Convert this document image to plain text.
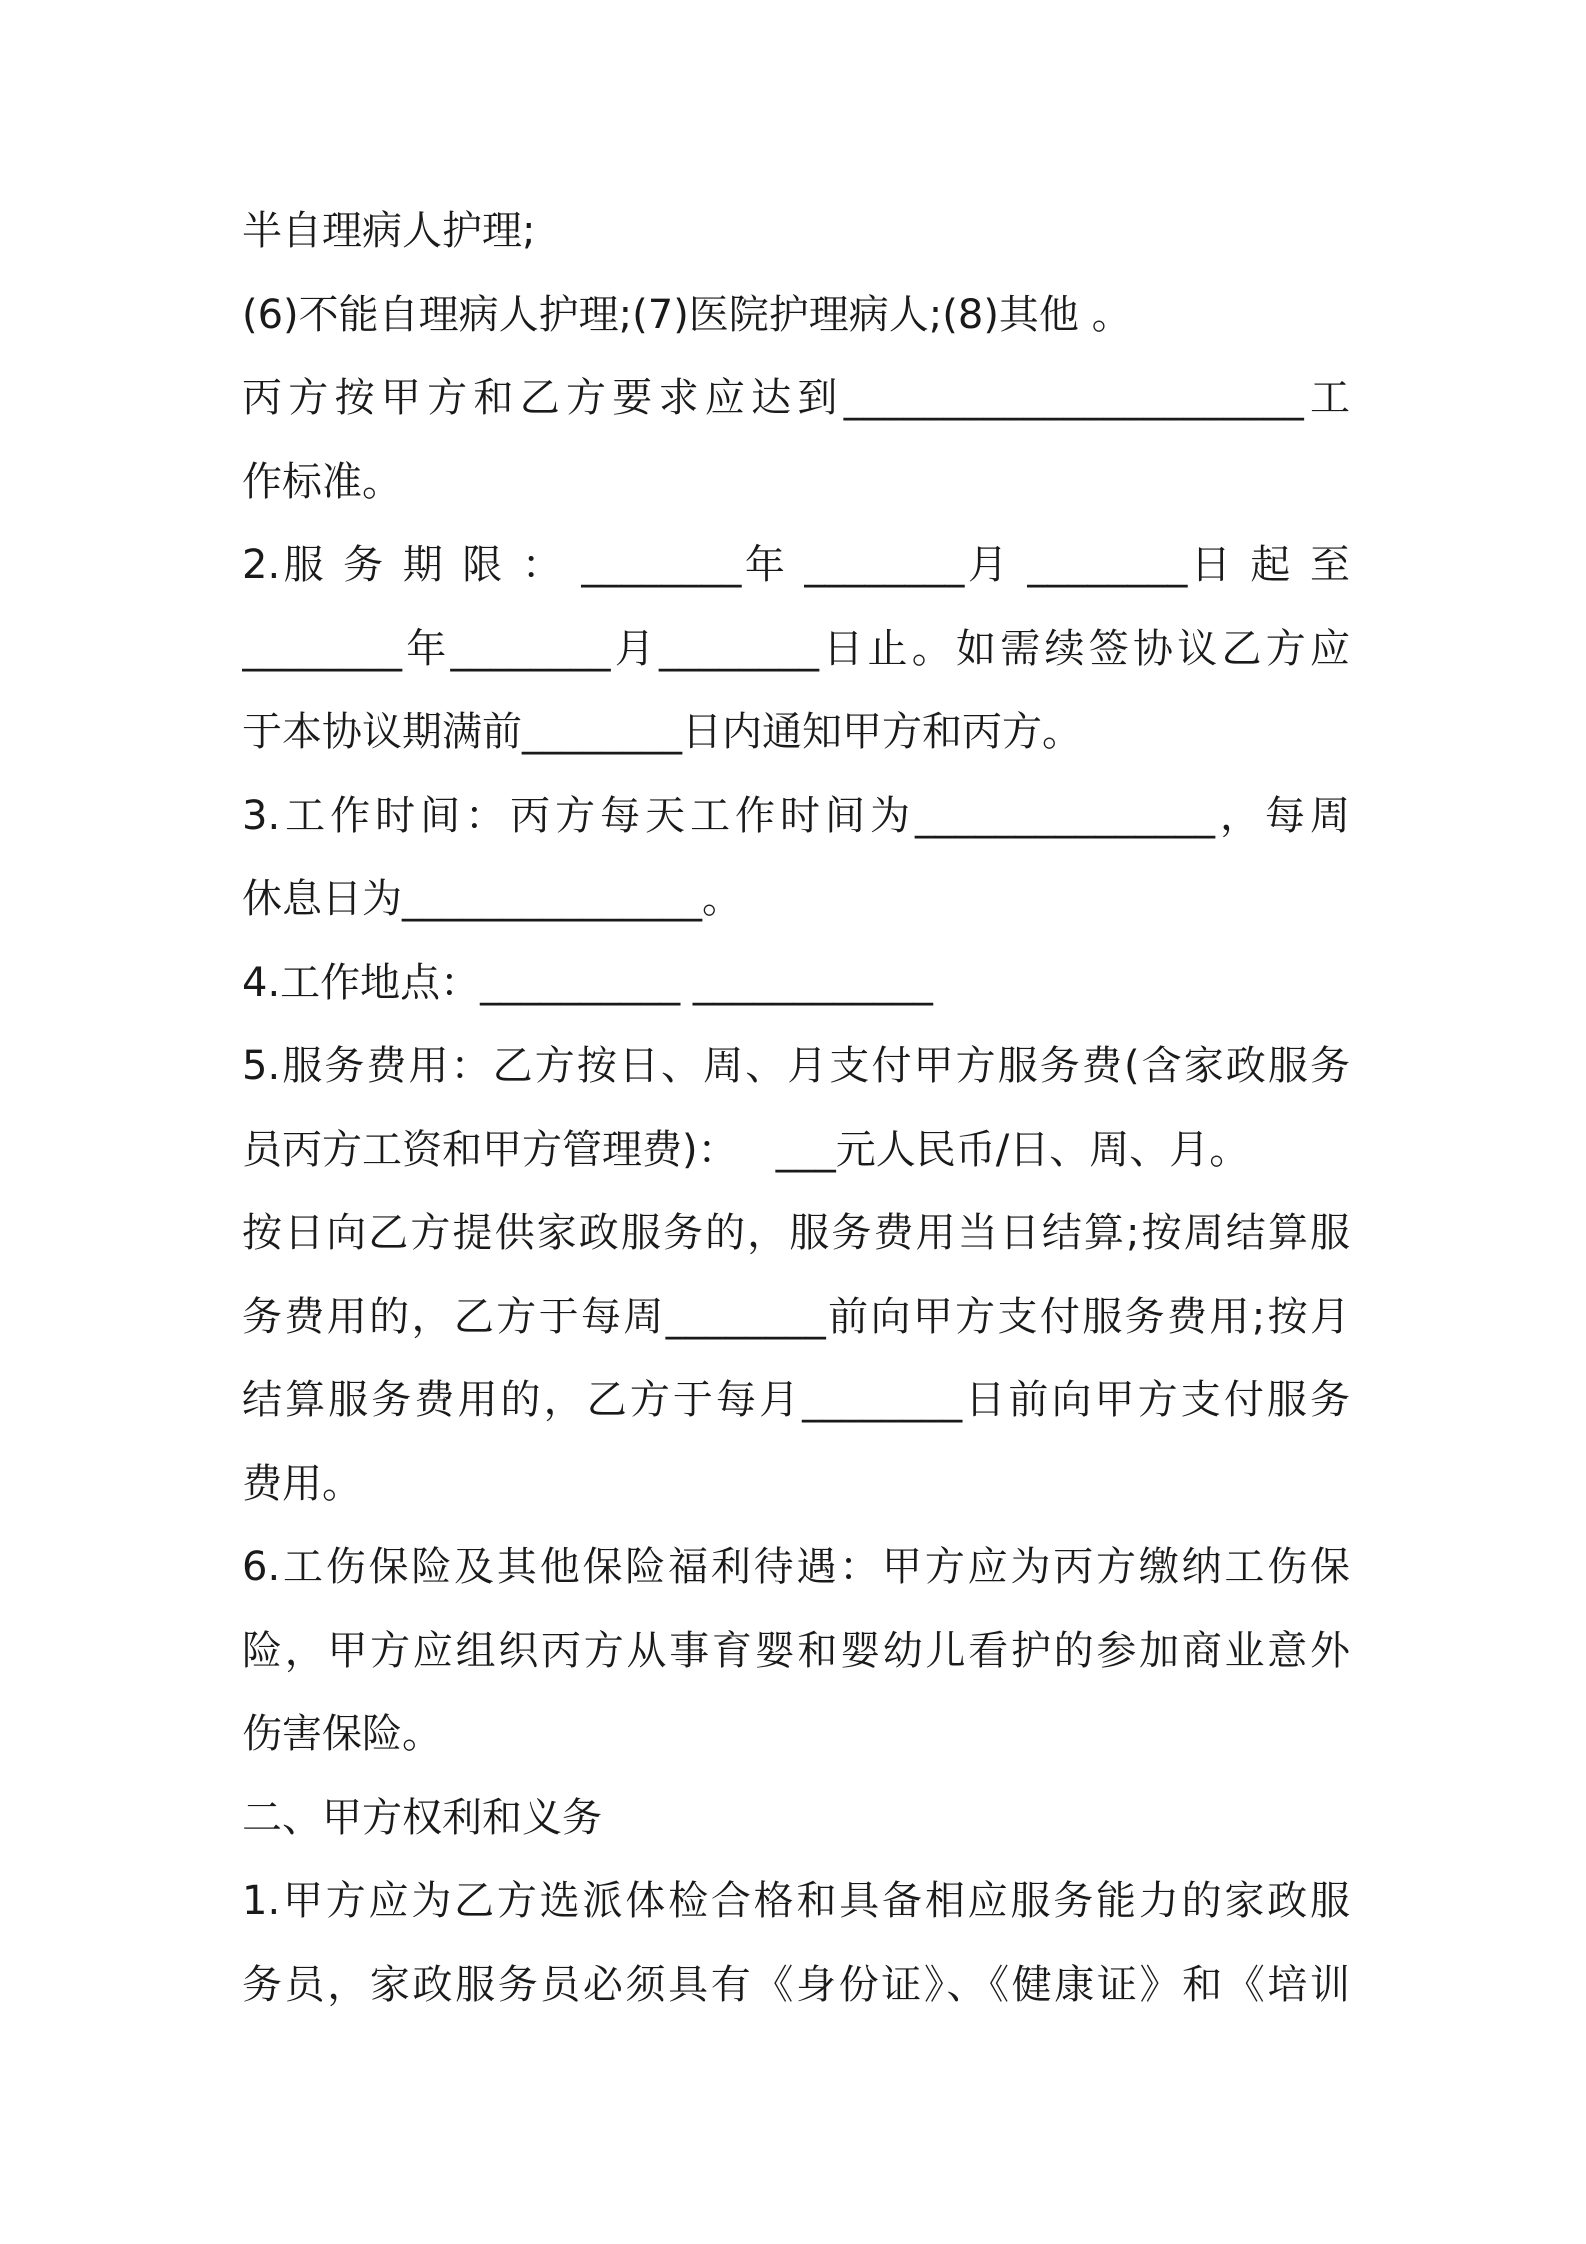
半自理病人护理;
(6)不能自理病人护理;(7)医院护理病人;(8)其他 。
丙方按甲方和乙方要求应达到_______________________工
作标准。
2.服 务 期 限 ： ________年 ________月 ________日 起 至
________年________月________日止。如需续签协议乙方应
于本协议期满前________日内通知甲方和丙方。
3.工作时间：丙方每天工作时间为_______________，每周
休息日为_______________。
4.工作地点：__________ ____________
5.服务费用：乙方按日、周、月支付甲方服务费(含家政服务
员丙方工资和甲方管理费)：   ___元人民币/日、周、月。
按日向乙方提供家政服务的，服务费用当日结算;按周结算服
务费用的，乙方于每周________前向甲方支付服务费用;按月
结算服务费用的，乙方于每月________日前向甲方支付服务
费用。
6.工伤保险及其他保险福利待遇：甲方应为丙方缴纳工伤保
险，甲方应组织丙方从事育婴和婴幼儿看护的参加商业意外
伤害保险。
二、甲方权利和义务
1.甲方应为乙方选派体检合格和具备相应服务能力的家政服
务员，家政服务员必须具有《身份证》、《健康证》和《培训
